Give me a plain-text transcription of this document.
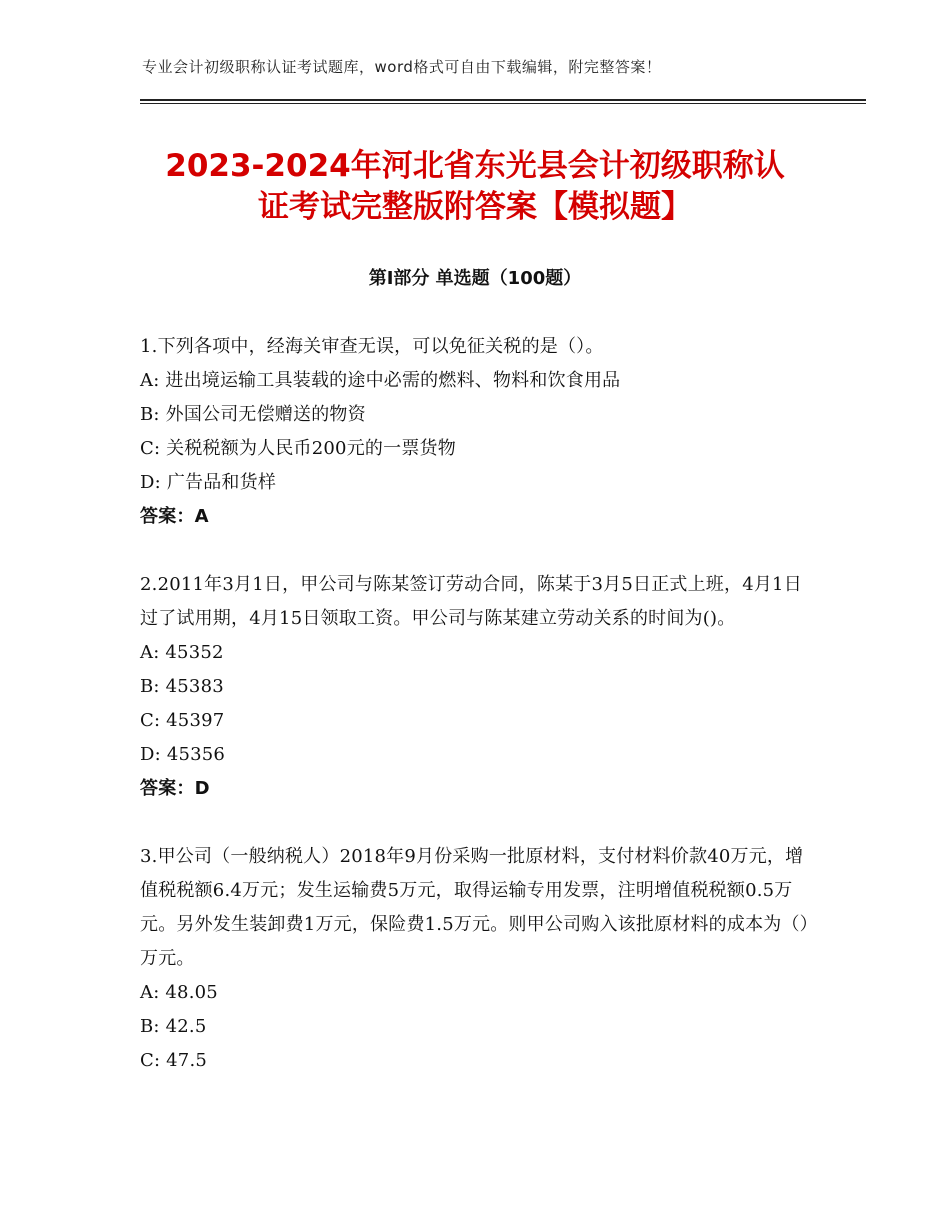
专业会计初级职称认证考试题库，word格式可自由下载编辑，附完整答案！
2023-2024年河北省东光县会计初级职称认
证考试完整版附答案【模拟题】
第Ⅰ部分 单选题（100题）

1.下列各项中，经海关审查无误，可以免征关税的是（）。

A: 进出境运输工具装载的途中必需的燃料、物料和饮食用品

B: 外国公司无偿赠送的物资

C: 关税税额为人民币200元的一票货物

D: 广告品和货样

答案：A

2.2011年3月1日，甲公司与陈某签订劳动合同，陈某于3月5日正式上班，4月1日过了试用期，4月15日领取工资。甲公司与陈某建立劳动关系的时间为()。

A: 45352

B: 45383

C: 45397

D: 45356

答案：D

3.甲公司（一般纳税人）2018年9月份采购一批原材料，支付材料价款40万元，增值税税额6.4万元；发生运输费5万元，取得运输专用发票，注明增值税税额0.5万元。另外发生装卸费1万元，保险费1.5万元。则甲公司购入该批原材料的成本为（）万元。

A: 48.05

B: 42.5

C: 47.5
